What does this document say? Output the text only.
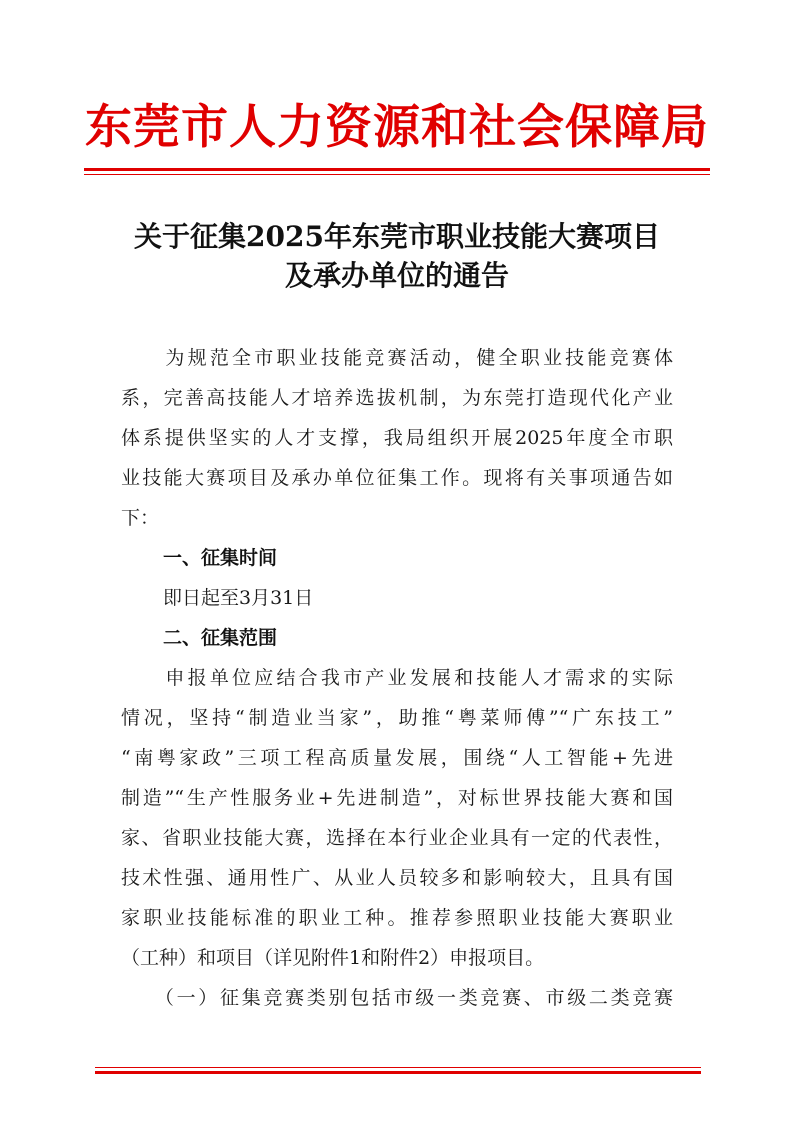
东莞市人力资源和社会保障局
关于征集2025年东莞市职业技能大赛项目
及承办单位的通告
　　为规范全市职业技能竞赛活动，健全职业技能竞赛体
系，完善高技能人才培养选拔机制，为东莞打造现代化产业
体系提供坚实的人才支撑，我局组织开展2025年度全市职
业技能大赛项目及承办单位征集工作。现将有关事项通告如
下：
一、征集时间
即日起至3月31日
二、征集范围
　　申报单位应结合我市产业发展和技能人才需求的实际
情况，坚持“制造业当家”，助推“粤菜师傅”“广东技工”
“南粤家政”三项工程高质量发展，围绕“人工智能+先进
制造”“生产性服务业+先进制造”，对标世界技能大赛和国
家、省职业技能大赛，选择在本行业企业具有一定的代表性，
技术性强、通用性广、从业人员较多和影响较大，且具有国
家职业技能标准的职业工种。推荐参照职业技能大赛职业
（工种）和项目（详见附件1和附件2）申报项目。
　　（一）征集竞赛类别包括市级一类竞赛、市级二类竞赛
